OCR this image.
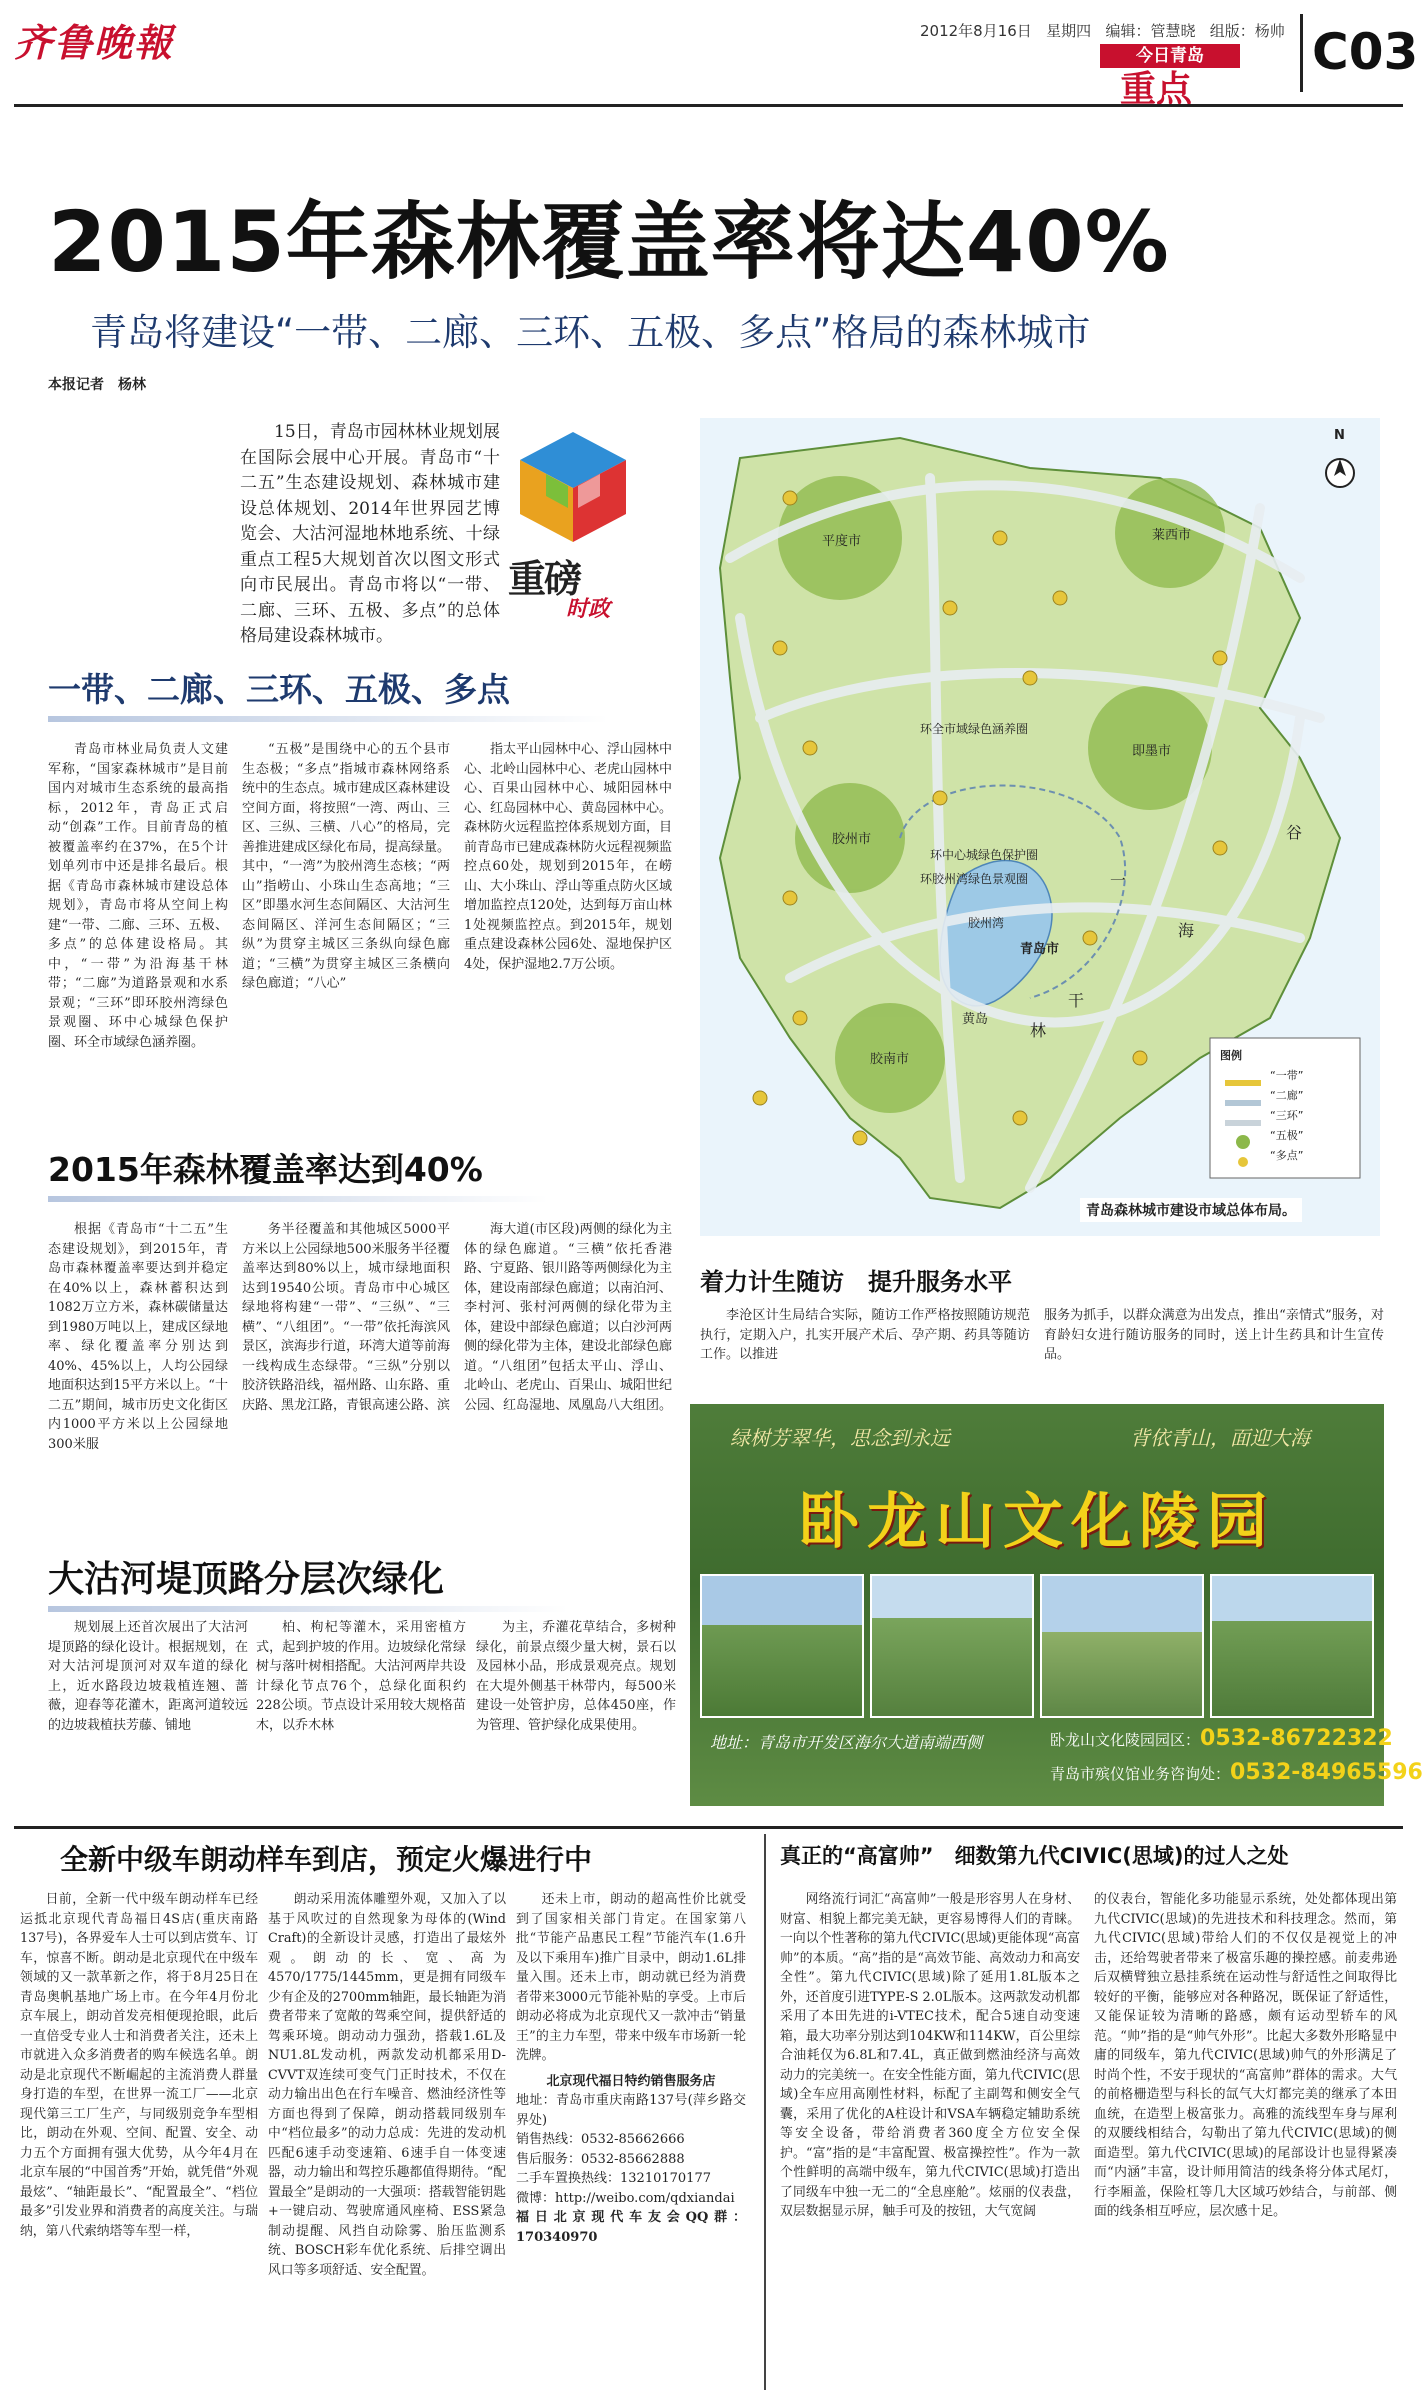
齐鲁晚報	2012年8月16日 星期四 编辑：管慧晓 组版：杨帅
今日青岛
重点
C03
2015年森林覆盖率将达40%
青岛将建设“一带、二廊、三环、五极、多点”格局的森林城市
本报记者　杨林
重磅
时政

15日，青岛市园林林业规划展在国际会展中心开展。青岛市“十二五”生态建设规划、森林城市建设总体规划、2014年世界园艺博览会、大沽河湿地林地系统、十绿重点工程5大规划首次以图文形式向市民展出。青岛市将以“一带、二廊、三环、五极、多点”的总体格局建设森林城市。

N
平度市	莱西市
即墨市
胶州市
胶南市
青岛市
黄岛
环全市域绿色涵养圈
环中心城绿色保护圈
环胶州湾绿色景观圈
胶州湾
谷
海
一
干
林
图例
“一带”
“二廊”
“三环”
“五极”
“多点”
青岛森林城市建设市域总体布局。
一带、二廊、三环、五极、多点

青岛市林业局负责人文建军称，“国家森林城市”是目前国内对城市生态系统的最高指标，2012年，青岛正式启动“创森”工作。目前青岛的植被覆盖率约在37%，在5个计划单列市中还是排名最后。根据《青岛市森林城市建设总体规划》，青岛市将从空间上构建“一带、二廊、三环、五极、多点”的总体建设格局。其中，“一带”为沿海基干林带；“二廊”为道路景观和水系景观；“三环”即环胶州湾绿色景观圈、环中心城绿色保护圈、环全市域绿色涵养圈。

“五极”是围绕中心的五个县市生态极；“多点”指城市森林网络系统中的生态点。城市建成区森林建设空间方面，将按照“一湾、两山、三区、三纵、三横、八心”的格局，完善推进建成区绿化布局，提高绿量。其中，“一湾”为胶州湾生态核；“两山”指崂山、小珠山生态高地；“三区”即墨水河生态间隔区、大沽河生态间隔区、洋河生态间隔区；“三纵”为贯穿主城区三条纵向绿色廊道；“三横”为贯穿主城区三条横向绿色廊道；“八心”

指太平山园林中心、浮山园林中心、北岭山园林中心、老虎山园林中心、百果山园林中心、城阳园林中心、红岛园林中心、黄岛园林中心。森林防火远程监控体系规划方面，目前青岛市已建成森林防火远程视频监控点60处，规划到2015年，在崂山、大小珠山、浮山等重点防火区域增加监控点120处，达到每万亩山林1处视频监控点。到2015年，规划重点建设森林公园6处、湿地保护区4处，保护湿地2.7万公顷。

2015年森林覆盖率达到40%

根据《青岛市“十二五”生态建设规划》，到2015年，青岛市森林覆盖率要达到并稳定在40%以上，森林蓄积达到1082万立方米，森林碳储量达到1980万吨以上，建成区绿地率、绿化覆盖率分别达到40%、45%以上，人均公园绿地面积达到15平方米以上。“十二五”期间，城市历史文化街区内1000平方米以上公园绿地300米服

务半径覆盖和其他城区5000平方米以上公园绿地500米服务半径覆盖率达到80%以上，城市绿地面积达到19540公顷。青岛市中心城区绿地将构建“一带”、“三纵”、“三横”、“八组团”。“一带”依托海滨风景区，滨海步行道，环湾大道等前海一线构成生态绿带。“三纵”分别以胶济铁路沿线，福州路、山东路、重庆路、黑龙江路，青银高速公路、滨

海大道(市区段)两侧的绿化为主体的绿色廊道。“三横”依托香港路、宁夏路、银川路等两侧绿化为主体，建设南部绿色廊道；以南泊河、李村河、张村河两侧的绿化带为主体，建设中部绿色廊道；以白沙河两侧的绿化带为主体，建设北部绿色廊道。“八组团”包括太平山、浮山、北岭山、老虎山、百果山、城阳世纪公园、红岛湿地、凤凰岛八大组团。

大沽河堤顶路分层次绿化

规划展上还首次展出了大沽河堤顶路的绿化设计。根据规划，在对大沽河堤顶河对双车道的绿化上，近水路段边坡栽植连翘、蔷薇，迎春等花灌木，距离河道较远的边坡栽植扶芳藤、铺地

柏、枸杞等灌木，采用密植方式，起到护坡的作用。边坡绿化常绿树与落叶树相搭配。大沽河两岸共设计绿化节点76个，总绿化面积约228公顷。节点设计采用较大规格苗木，以乔木林

为主，乔灌花草结合，多树种绿化，前景点缀少量大树，景石以及园林小品，形成景观亮点。规划在大堤外侧基干林带内，每500米建设一处管护房，总体450座，作为管理、管护绿化成果使用。

着力计生随访　提升服务水平

李沧区计生局结合实际，随访工作严格按照随访规范执行，定期入户，扎实开展产术后、孕产期、药具等随访工作。以推进

服务为抓手，以群众满意为出发点，推出“亲情式”服务，对育龄妇女进行随访服务的同时，送上计生药具和计生宣传品。

绿树芳翠华，思念到永远	背依青山，面迎大海
卧龙山文化陵园
地址：青岛市开发区海尔大道南端西侧	卧龙山文化陵园园区：0532-86722322
青岛市殡仪馆业务咨询处：0532-84965596
全新中级车朗动样车到店，预定火爆进行中

日前，全新一代中级车朗动样车已经运抵北京现代青岛福日4S店(重庆南路137号)，各界爱车人士可以到店赏车、订车，惊喜不断。朗动是北京现代在中级车领域的又一款革新之作，将于8月25日在青岛奥帆基地广场上市。在今年4月份北京车展上，朗动首发亮相便现抢眼，此后一直倍受专业人士和消费者关注，还未上市就进入众多消费者的购车候选名单。朗动是北京现代不断崛起的主流消费人群量身打造的车型，在世界一流工厂——北京现代第三工厂生产，与同级别竞争车型相比，朗动在外观、空间、配置、安全、动力五个方面拥有强大优势，从今年4月在北京车展的“中国首秀”开始，就凭借“外观最炫”、“轴距最长”、“配置最全”、“档位最多”引发业界和消费者的高度关注。与瑞纳，第八代索纳塔等车型一样，

朗动采用流体雕塑外观，又加入了以基于风吹过的自然现象为母体的(Wind Craft)的全新设计灵感，打造出了最炫外观。朗动的长、宽、高为4570/1775/1445mm，更是拥有同级车少有企及的2700mm轴距，最长轴距为消费者带来了宽敞的驾乘空间，提供舒适的驾乘环境。朗动动力强劲，搭载1.6L及NU1.8L发动机，两款发动机都采用D-CVVT双连续可变气门正时技术，不仅在动力输出出色在行车噪音、燃油经济性等方面也得到了保障，朗动搭载同级别车中“档位最多”的动力总成：先进的发动机匹配6速手动变速箱、6速手自一体变速器，动力输出和驾控乐趣都值得期待。“配置最全”是朗动的一大强项：搭载智能钥匙+一键启动、驾驶席通风座椅、ESS紧急制动提醒、风挡自动除雾、胎压监测系统、BOSCH彩车优化系统、后排空调出风口等多项舒适、安全配置。

还未上市，朗动的超高性价比就受到了国家相关部门肯定。在国家第八批“节能产品惠民工程”节能汽车(1.6升及以下乘用车)推广目录中，朗动1.6L排量入围。还未上市，朗动就已经为消费者带来3000元节能补贴的享受。上市后朗动必将成为北京现代又一款冲击“销量王”的主力车型，带来中级车市场新一轮洗牌。

北京现代福日特约销售服务店
地址：青岛市重庆南路137号(萍乡路交界处)
销售热线：0532-85662666
售后服务：0532-85662888
二手车置换热线：13210170177
微博：http://weibo.com/qdxiandai
福日北京现代车友会QQ群：170340970
真正的“高富帅”　细数第九代CIVIC(思域)的过人之处

网络流行词汇“高富帅”一般是形容男人在身材、财富、相貌上都完美无缺，更容易博得人们的青睐。一向以个性著称的第九代CIVIC(思域)更能体现“高富帅”的本质。“高”指的是“高效节能、高效动力和高安全性”。第九代CIVIC(思域)除了延用1.8L版本之外，还首度引进TYPE-S 2.0L版本。这两款发动机都采用了本田先进的i-VTEC技术，配合5速自动变速箱，最大功率分别达到104KW和114KW，百公里综合油耗仅为6.8L和7.4L，真正做到燃油经济与高效动力的完美统一。在安全性能方面，第九代CIVIC(思域)全车应用高刚性材料，标配了主副驾和侧安全气囊，采用了优化的A柱设计和VSA车辆稳定辅助系统等安全设备，带给消费者360度全方位安全保护。“富”指的是“丰富配置、极富操控性”。作为一款个性鲜明的高端中级车，第九代CIVIC(思域)打造出了同级车中独一无二的“全息座舱”。炫丽的仪表盘，双层数据显示屏，触手可及的按钮，大气宽阔

的仪表台，智能化多功能显示系统，处处都体现出第九代CIVIC(思域)的先进技术和科技理念。然而，第九代CIVIC(思域)带给人们的不仅仅是视觉上的冲击，还给驾驶者带来了极富乐趣的操控感。前麦弗逊后双横臂独立悬挂系统在运动性与舒适性之间取得比较好的平衡，能够应对各种路况，既保证了舒适性，又能保证较为清晰的路感，颇有运动型轿车的风范。“帅”指的是“帅气外形”。比起大多数外形略显中庸的同级车，第九代CIVIC(思域)帅气的外形满足了时尚个性，不安于现状的“高富帅”群体的需求。大气的前格栅造型与科长的氙气大灯都完美的继承了本田血统，在造型上极富张力。高雅的流线型车身与犀利的双腰线相结合，勾勒出了第九代CIVIC(思域)的侧面造型。第九代CIVIC(思域)的尾部设计也显得紧凑而“内涵”丰富，设计师用简洁的线条将分体式尾灯，行李厢盖，保险杠等几大区域巧妙结合，与前部、侧面的线条相互呼应，层次感十足。
